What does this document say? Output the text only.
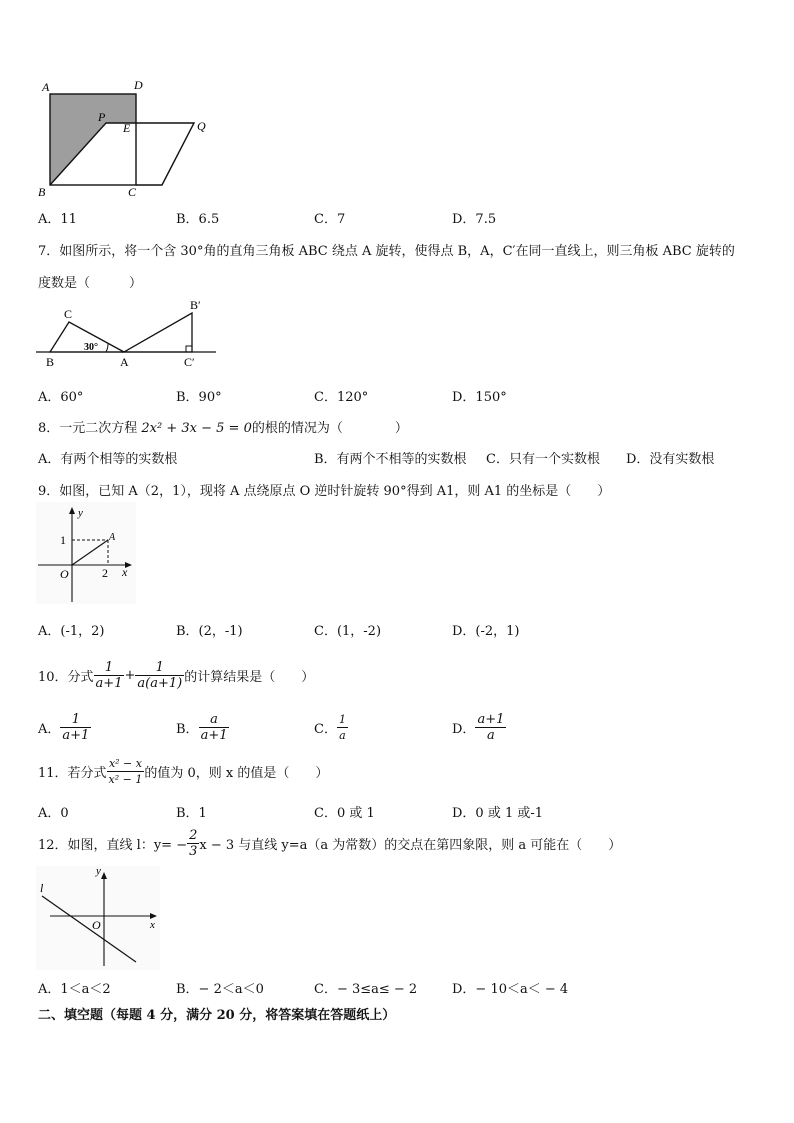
A	D
P
E	Q
B	C
A．11	B．6.5	C．7	D．7.5
7．如图所示，将一个含 30°角的直角三角板 ABC 绕点 A 旋转，使得点 B，A，C′在同一直线上，则三角板 ABC 旋转的
度数是（　　　）
C
B	A
30°
B′
C′
A．60°	B．90°	C．120°	D．150°
8．一元二次方程 2x² + 3x − 5 = 0的根的情况为（　　　　）
A．有两个相等的实数根	B．有两个不相等的实数根 C．只有一个实数根 D．没有实数根
9．如图，已知 A（2，1），现将 A 点绕原点 O 逆时针旋转 90°得到 A1，则 A1 的坐标是（　　）
y
x
O
1
2
A
A．(-1，2)	B．(2，-1)	C．(1，-2)	D．(-2，1)
10．分式 $\frac{1}{a+1} + \frac{1}{a(a+1)}$ 的计算结果是（　　）
A． $\frac{1}{a+1}$	B． $\frac{a}{a+1}$	C． $\frac{1}{a}$	D． $\frac{a+1}{a}$
11．若分式 $\frac{\text{x² − x}}{\text{x² − 1}}$ 的值为 0，则 x 的值是（　　）
A．0	B．1	C．0 或 1	D．0 或 1 或-1
12．如图，直线 l：$y= - \frac{2}{3}$ x − 3 与直线 y=a（a 为常数）的交点在第四象限，则 a 可能在（　　）
l
y
x
O
A．1＜a＜2	B．− 2＜a＜0	C．− 3≤a≤ − 2	D．− 10＜a＜ − 4
二、填空题（每题 4 分，满分 20 分，将答案填在答题纸上）
